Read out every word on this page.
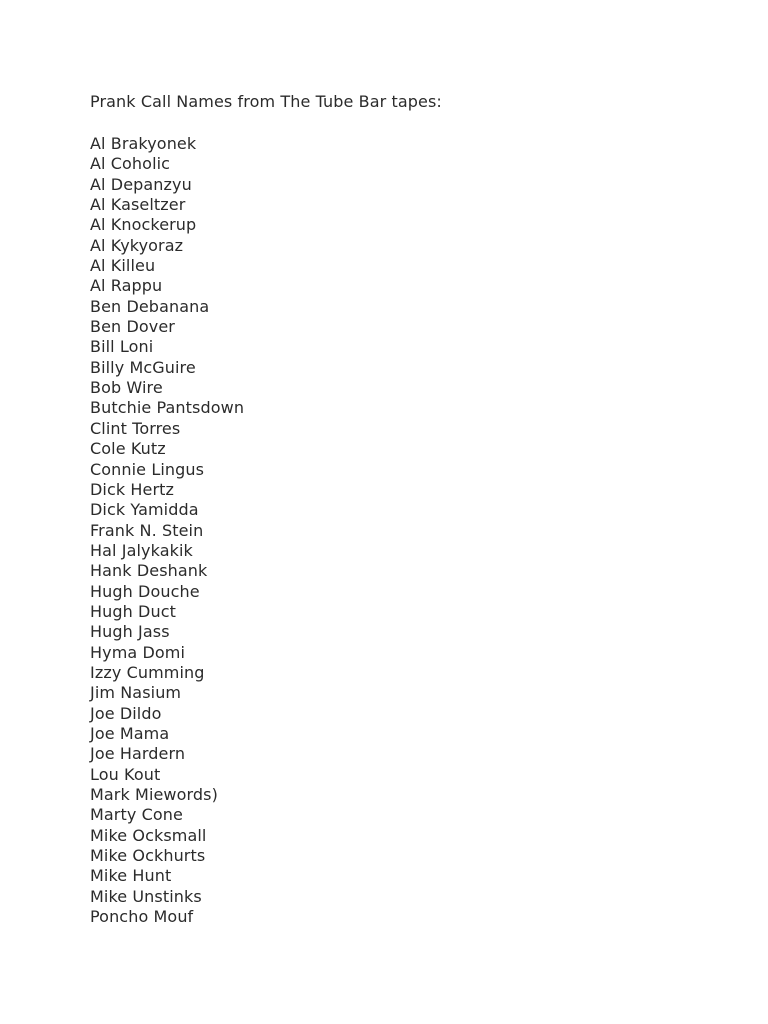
Prank Call Names from The Tube Bar tapes:
Al Brakyonek
Al Coholic
Al Depanzyu
Al Kaseltzer
Al Knockerup
Al Kykyoraz
Al Killeu
Al Rappu
Ben Debanana
Ben Dover
Bill Loni
Billy McGuire
Bob Wire
Butchie Pantsdown
Clint Torres
Cole Kutz
Connie Lingus
Dick Hertz
Dick Yamidda
Frank N. Stein
Hal Jalykakik
Hank Deshank
Hugh Douche
Hugh Duct
Hugh Jass
Hyma Domi
Izzy Cumming
Jim Nasium
Joe Dildo
Joe Mama
Joe Hardern
Lou Kout
Mark Miewords)
Marty Cone
Mike Ocksmall
Mike Ockhurts
Mike Hunt
Mike Unstinks
Poncho Mouf
